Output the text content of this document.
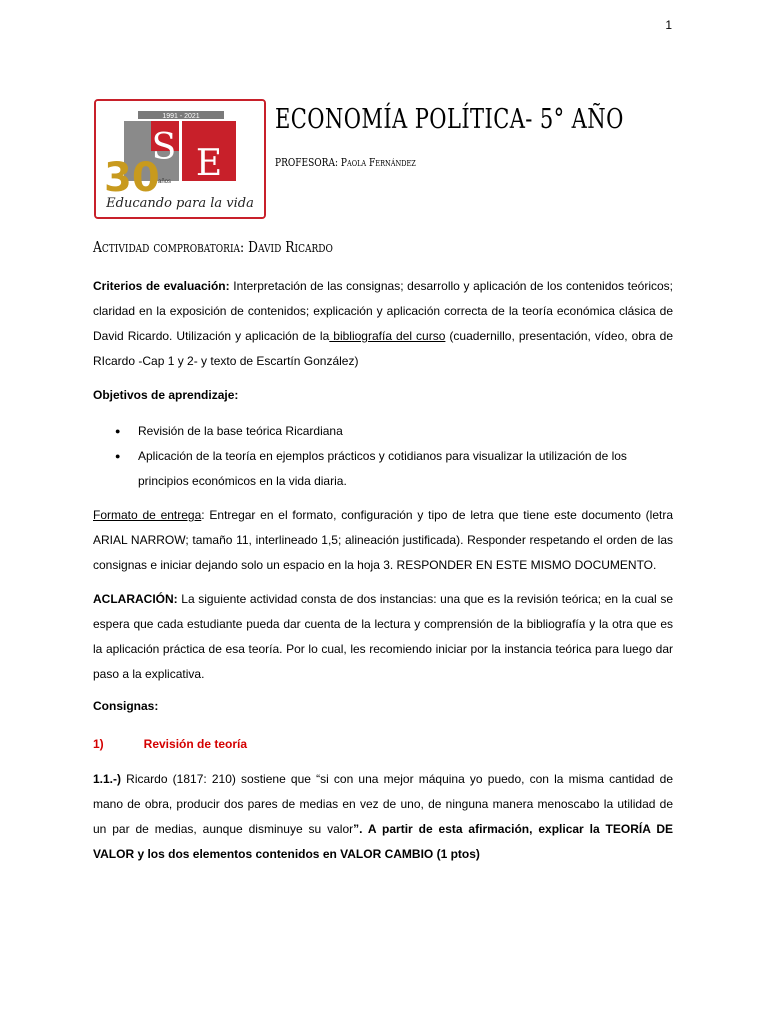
1
1991 - 2021
S E
30
años
Educando para la vida
ECONOMÍA POLÍTICA- 5° AÑO
PROFESORA: Paola Fernández
Actividad comprobatoria: David Ricardo
Criterios de evaluación: Interpretación de las consignas; desarrollo y aplicación de los contenidos teóricos; claridad en la exposición de contenidos; explicación y aplicación correcta de la teoría económica clásica de David Ricardo. Utilización y aplicación de la bibliografía del curso (cuadernillo, presentación, vídeo, obra de RIcardo -Cap 1 y 2- y texto de Escartín González)
Objetivos de aprendizaje:
● Revisión de la base teórica Ricardiana
● Aplicación de la teoría en ejemplos prácticos y cotidianos para visualizar la utilización de los principios económicos en la vida diaria.
Formato de entrega: Entregar en el formato, configuración y tipo de letra que tiene este documento (letra ARIAL NARROW; tamaño 11, interlineado 1,5; alineación justificada). Responder respetando el orden de las consignas e iniciar dejando solo un espacio en la hoja 3. RESPONDER EN ESTE MISMO DOCUMENTO.
ACLARACIÓN: La siguiente actividad consta de dos instancias: una que es la revisión teórica; en la cual se espera que cada estudiante pueda dar cuenta de la lectura y comprensión de la bibliografía y la otra que es la aplicación práctica de esa teoría. Por lo cual, les recomiendo iniciar por la instancia teórica para luego dar paso a la explicativa.
Consignas:
1)	Revisión de teoría
1.1.-) Ricardo (1817: 210) sostiene que “si con una mejor máquina yo puedo, con la misma cantidad de mano de obra, producir dos pares de medias en vez de uno, de ninguna manera menoscabo la utilidad de un par de medias, aunque disminuye su valor”. A partir de esta afirmación, explicar la TEORÍA DE VALOR y los dos elementos contenidos en VALOR CAMBIO (1 ptos)
